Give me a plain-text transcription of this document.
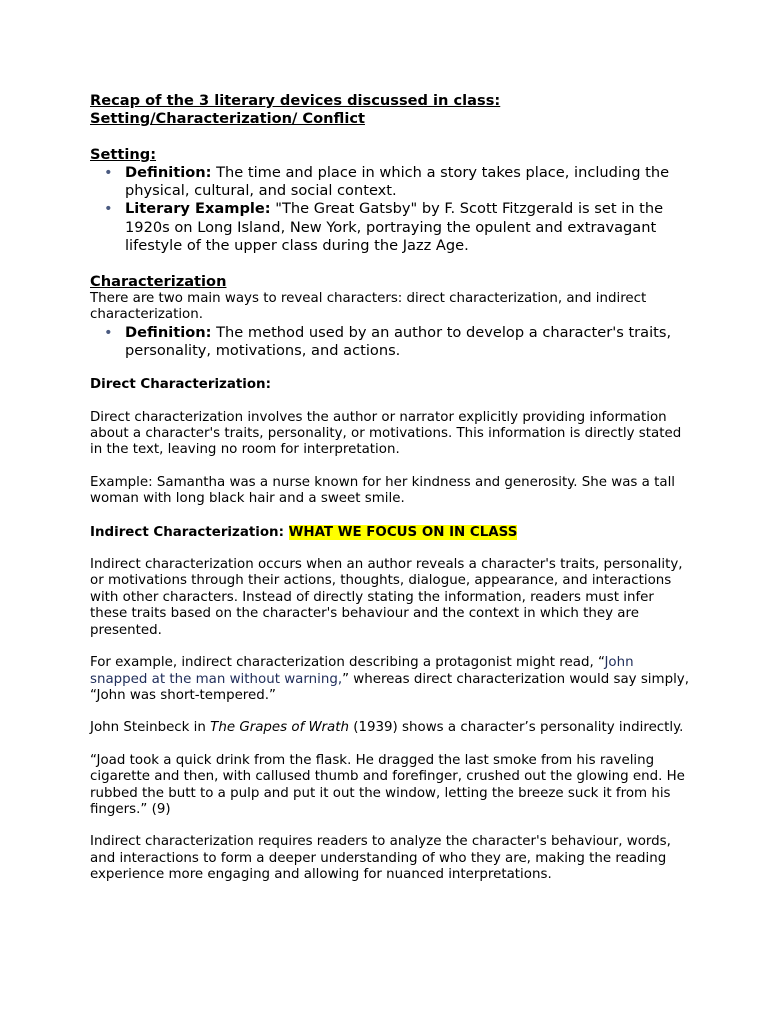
Recap of the 3 literary devices discussed in class:
Setting/Characterization/ Conflict

Setting:

• Definition: The time and place in which a story takes place, including the physical, cultural, and social context.
• Literary Example: "The Great Gatsby" by F. Scott Fitzgerald is set in the 1920s on Long Island, New York, portraying the opulent and extravagant lifestyle of the upper class during the Jazz Age.

Characterization

There are two main ways to reveal characters: direct characterization, and indirect characterization.

• Definition: The method used by an author to develop a character's traits, personality, motivations, and actions.

Direct Characterization:

Direct characterization involves the author or narrator explicitly providing information about a character's traits, personality, or motivations. This information is directly stated in the text, leaving no room for interpretation.

Example: Samantha was a nurse known for her kindness and generosity. She was a tall woman with long black hair and a sweet smile.

Indirect Characterization: WHAT WE FOCUS ON IN CLASS

Indirect characterization occurs when an author reveals a character's traits, personality, or motivations through their actions, thoughts, dialogue, appearance, and interactions with other characters. Instead of directly stating the information, readers must infer these traits based on the character's behaviour and the context in which they are presented.

For example, indirect characterization describing a protagonist might read, “John snapped at the man without warning,” whereas direct characterization would say simply, “John was short-tempered.”

John Steinbeck in The Grapes of Wrath (1939) shows a character’s personality indirectly.

“Joad took a quick drink from the flask. He dragged the last smoke from his raveling cigarette and then, with callused thumb and forefinger, crushed out the glowing end. He rubbed the butt to a pulp and put it out the window, letting the breeze suck it from his fingers.” (9)

Indirect characterization requires readers to analyze the character's behaviour, words, and interactions to form a deeper understanding of who they are, making the reading experience more engaging and allowing for nuanced interpretations.
